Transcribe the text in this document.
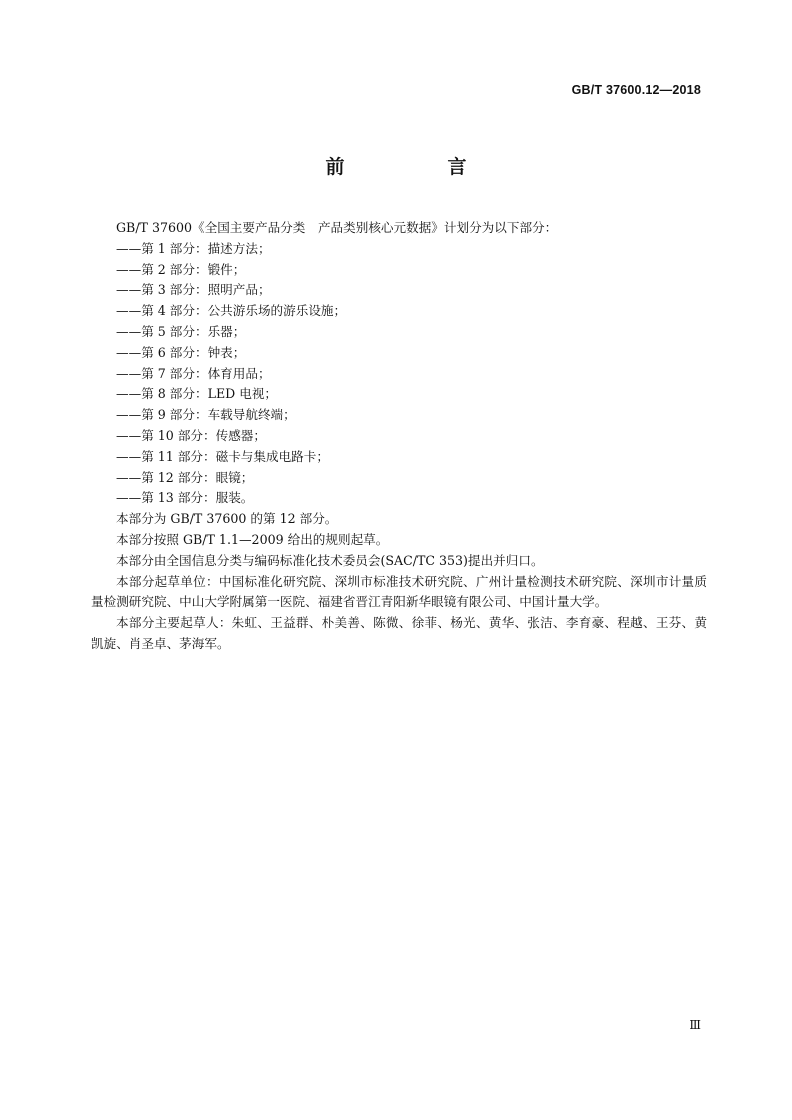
GB/T 37600.12—2018
前　言

GB/T 37600《全国主要产品分类　产品类别核心元数据》计划分为以下部分：

——第 1 部分：描述方法；

——第 2 部分：锻件；

——第 3 部分：照明产品；

——第 4 部分：公共游乐场的游乐设施；

——第 5 部分：乐器；

——第 6 部分：钟表；

——第 7 部分：体育用品；

——第 8 部分：LED 电视；

——第 9 部分：车载导航终端；

——第 10 部分：传感器；

——第 11 部分：磁卡与集成电路卡；

——第 12 部分：眼镜；

——第 13 部分：服装。

本部分为 GB/T 37600 的第 12 部分。

本部分按照 GB/T 1.1—2009 给出的规则起草。

本部分由全国信息分类与编码标准化技术委员会(SAC/TC 353)提出并归口。

本部分起草单位：中国标准化研究院、深圳市标准技术研究院、广州计量检测技术研究院、深圳市计量质量检测研究院、中山大学附属第一医院、福建省晋江青阳新华眼镜有限公司、中国计量大学。

本部分主要起草人：朱虹、王益群、朴美善、陈微、徐菲、杨光、黄华、张洁、李育豪、程越、王芬、黄凯旋、肖圣卓、茅海军。

Ⅲ
